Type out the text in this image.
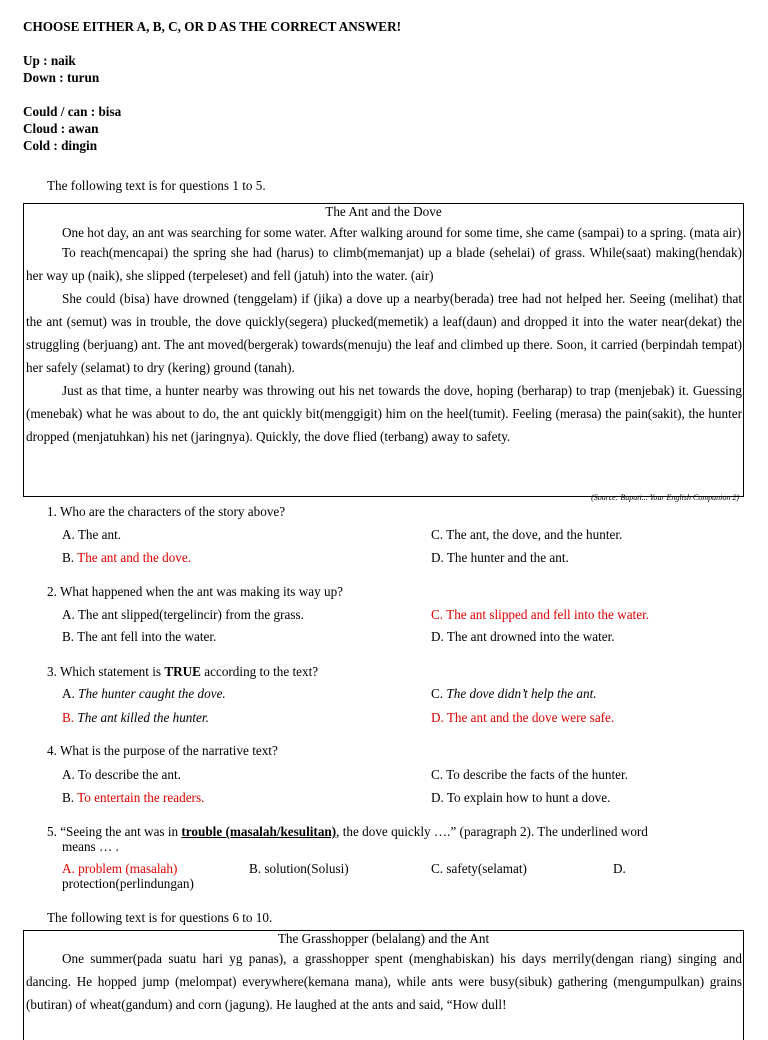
CHOOSE EITHER A, B, C, OR D AS THE CORRECT ANSWER!
Up : naik
Down : turun
Could / can : bisa
Cloud : awan
Cold : dingin
The following text is for questions 1 to 5.
The Ant and the Dove

One hot day, an ant was searching for some water. After walking around for some time, she came (sampai) to a spring. (mata air)

To reach(mencapai) the spring she had (harus) to climb(memanjat) up a blade (sehelai) of grass. While(saat) making(hendak) her way up (naik), she slipped (terpeleset) and fell (jatuh) into the water. (air)

She could (bisa) have drowned (tenggelam) if (jika) a dove up a nearby(berada) tree had not helped her. Seeing (melihat) that the ant (semut) was in trouble, the dove quickly(segera) plucked(memetik) a leaf(daun) and dropped it into the water near(dekat) the struggling (berjuang) ant. The ant moved(bergerak) towards(menuju) the leaf and climbed up there. Soon, it carried (berpindah tempat) her safely (selamat) to dry (kering) ground (tanah).

Just as that time, a hunter nearby was throwing out his net towards the dove, hoping (berharap) to trap (menjebak) it. Guessing (menebak) what he was about to do, the ant quickly bit(menggigit) him on the heel(tumit). Feeling (merasa) the pain(sakit), the hunter dropped (menjatuhkan) his net (jaringnya). Quickly, the dove flied (terbang) away to safety.

(Source: Bupati... Your English Companion 2)
1. Who are the characters of the story above?
A. The ant.	C. The ant, the dove, and the hunter.
B. The ant and the dove.	D. The hunter and the ant.
2. What happened when the ant was making its way up?
A. The ant slipped(tergelincir) from the grass.	C. The ant slipped and fell into the water.
B. The ant fell into the water.	D. The ant drowned into the water.
3. Which statement is TRUE according to the text?
A. The hunter caught the dove.	C. The dove didn’t help the ant.
B. The ant killed the hunter.	D. The ant and the dove were safe.
4. What is the purpose of the narrative text?
A. To describe the ant.	C. To describe the facts of the hunter.
B. To entertain the readers.	D. To explain how to hunt a dove.
5. “Seeing the ant was in trouble (masalah/kesulitan), the dove quickly ….” (paragraph 2). The underlined word
means … .
A. problem (masalah)	B. solution(Solusi)	C. safety(selamat)	D.
protection(perlindungan)
The following text is for questions 6 to 10.
The Grasshopper (belalang) and the Ant

One summer(pada suatu hari yg panas), a grasshopper spent (menghabiskan) his days merrily(dengan riang) singing and dancing. He hopped jump (melompat) everywhere(kemana mana), while ants were busy(sibuk) gathering (mengumpulkan) grains (butiran) of wheat(gandum) and corn (jagung). He laughed at the ants and said, “How dull!
